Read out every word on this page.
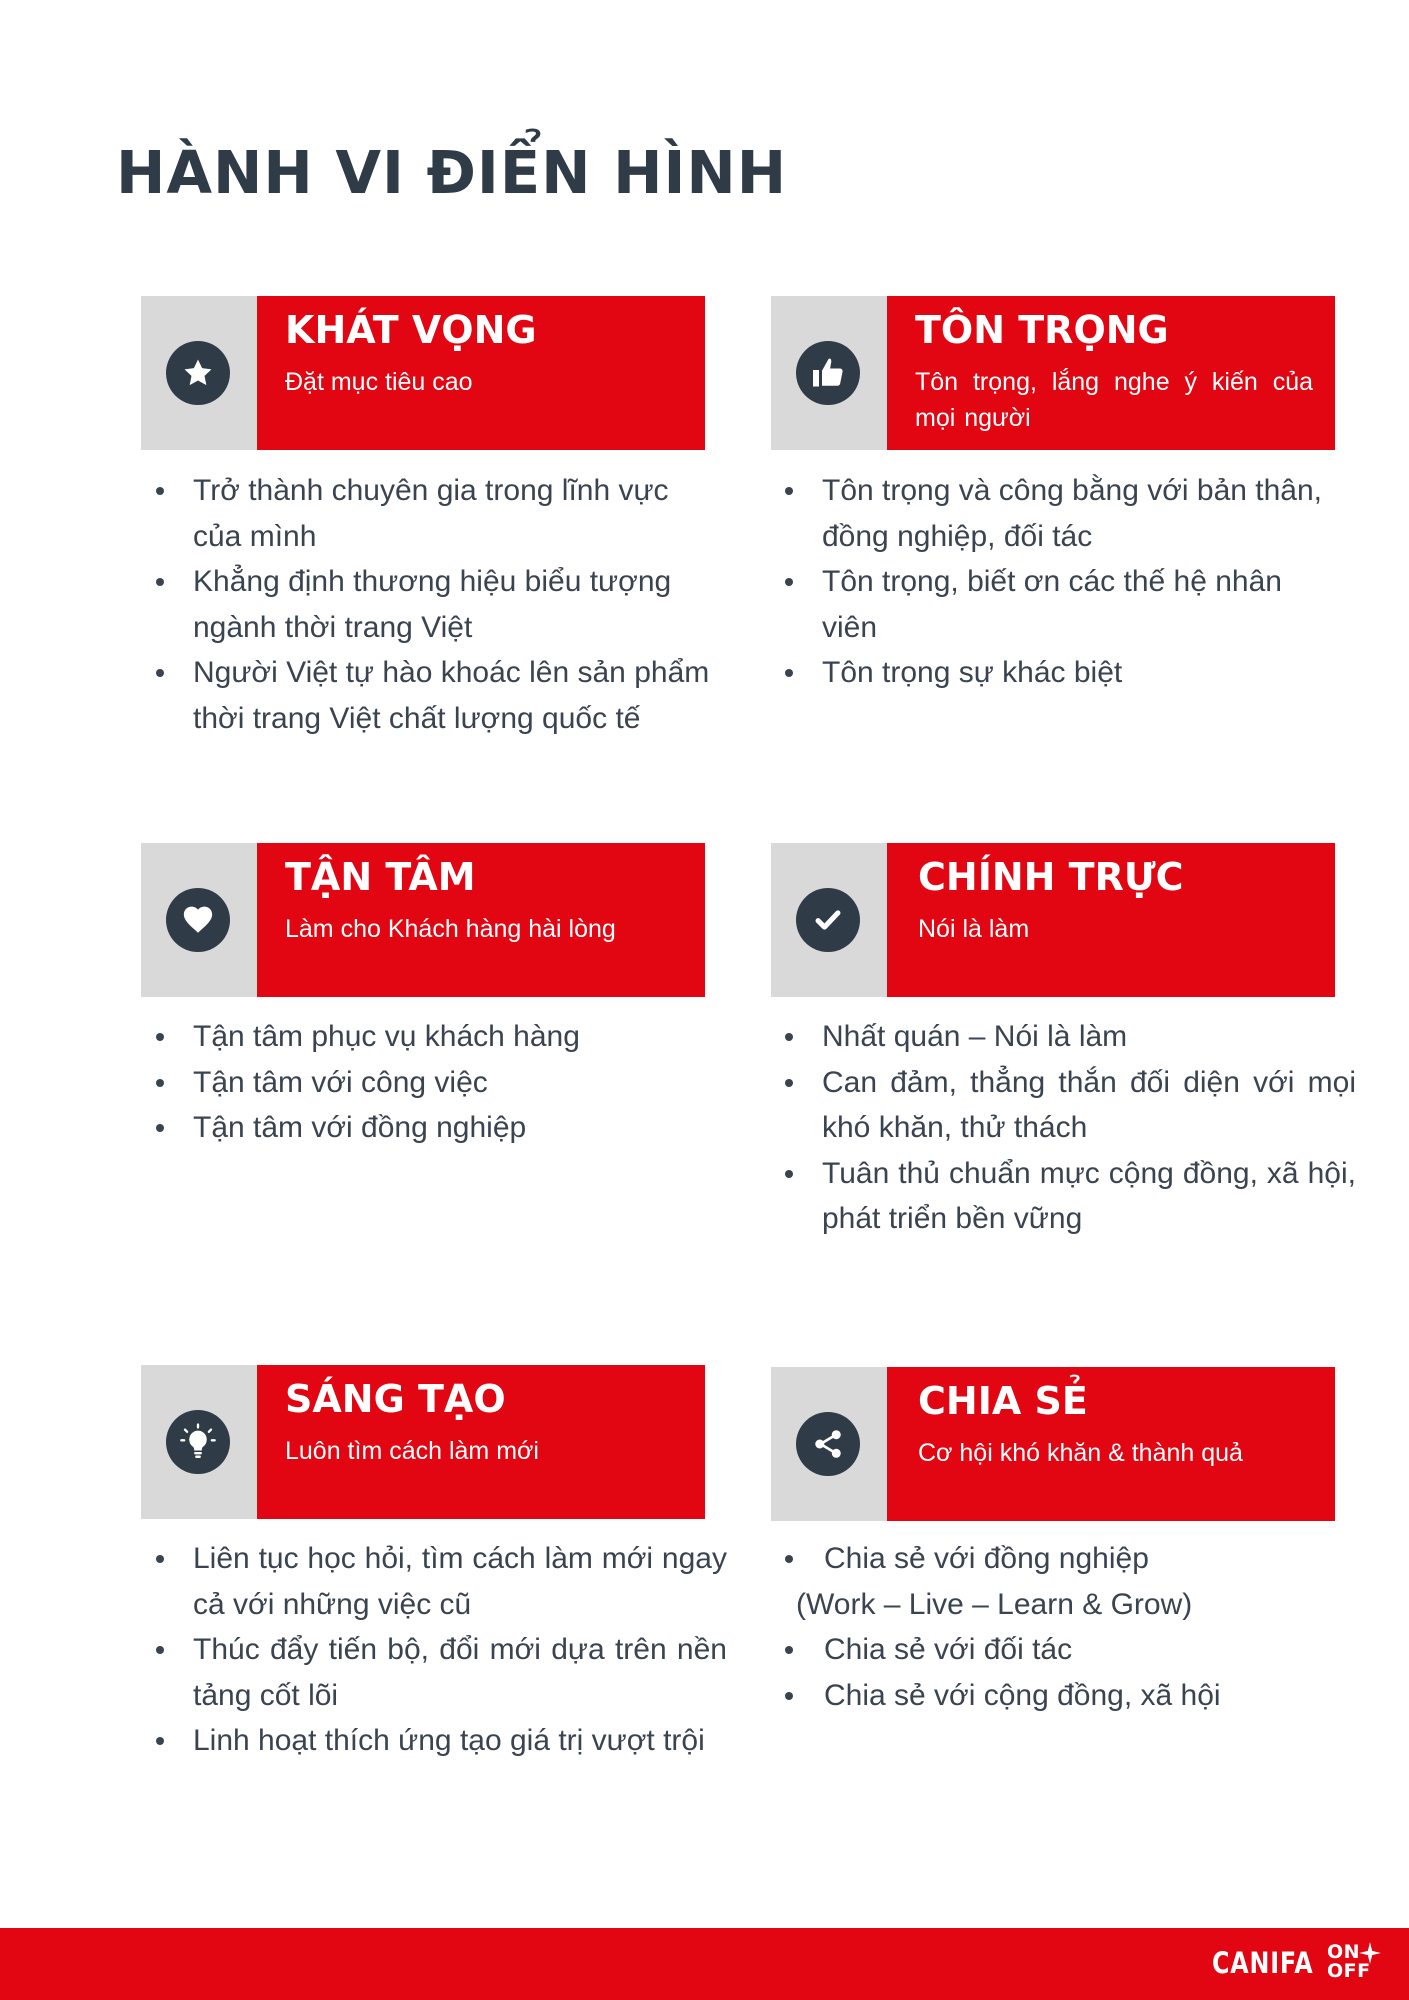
HÀNH VI ĐIỂN HÌNH
KHÁT VỌNG
Đặt mục tiêu cao
Trở thành chuyên gia trong lĩnh vực của mình
Khẳng định thương hiệu biểu tượng ngành thời trang Việt
Người Việt tự hào khoác lên sản phẩm thời trang Việt chất lượng quốc tế
TÔN TRỌNG
Tôn trọng, lắng nghe ý kiến của mọi người
Tôn trọng và công bằng với bản thân, đồng nghiệp, đối tác
Tôn trọng, biết ơn các thế hệ nhân viên
Tôn trọng sự khác biệt
TẬN TÂM
Làm cho Khách hàng hài lòng
Tận tâm phục vụ khách hàng
Tận tâm với công việc
Tận tâm với đồng nghiệp
CHÍNH TRỰC
Nói là làm
Nhất quán – Nói là làm
Can đảm, thẳng thắn đối diện với mọi khó khăn, thử thách
Tuân thủ chuẩn mực cộng đồng, xã hội, phát triển bền vững
SÁNG TẠO
Luôn tìm cách làm mới
Liên tục học hỏi, tìm cách làm mới ngay cả với những việc cũ
Thúc đẩy tiến bộ, đổi mới dựa trên nền tảng cốt lõi
Linh hoạt thích ứng tạo giá trị vượt trội
CHIA SẺ
Cơ hội khó khăn & thành quả
Chia sẻ với đồng nghiệp
(Work – Live – Learn & Grow)
Chia sẻ với đối tác
Chia sẻ với cộng đồng, xã hội
CANIFA ON
OFF
